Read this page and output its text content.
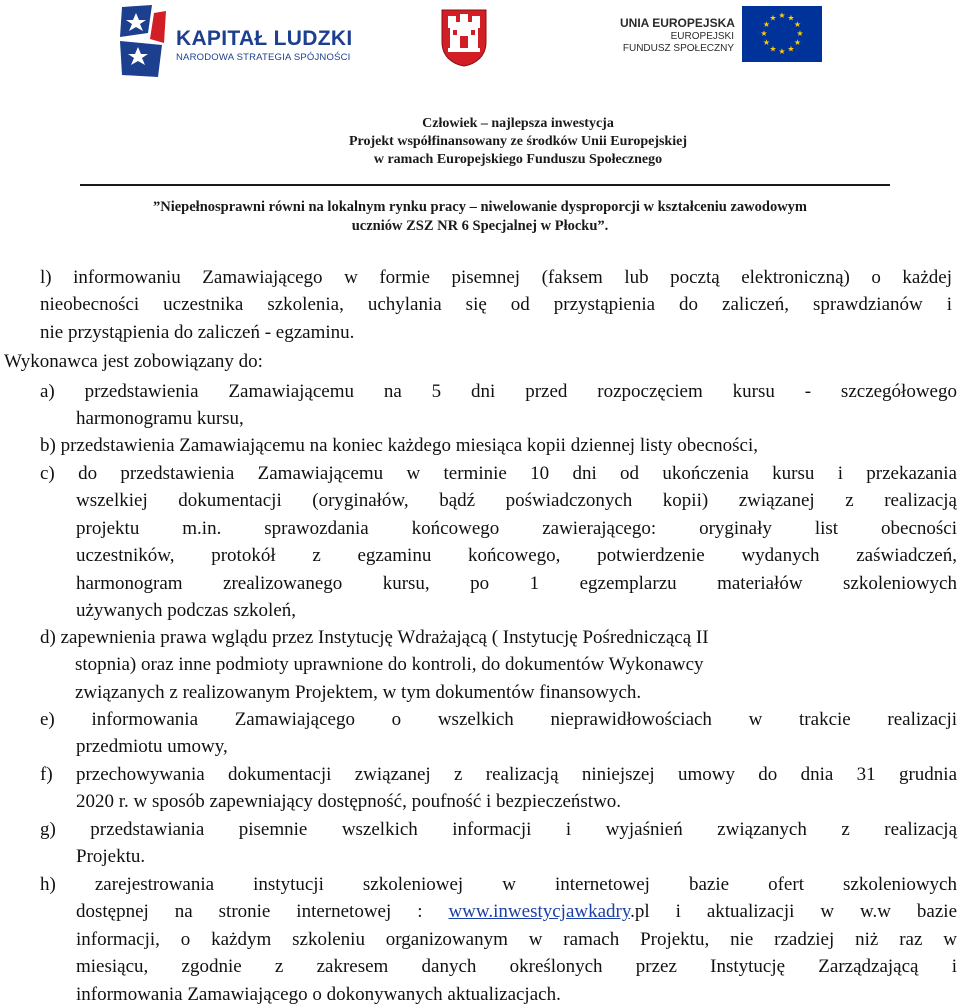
KAPITAŁ LUDZKI
NARODOWA STRATEGIA SPÓJNOŚCI
UNIA EUROPEJSKA
EUROPEJSKI
FUNDUSZ SPOŁECZNY
★ ★
★
★
★
★
★
★
★
★
★
★
Człowiek – najlepsza inwestycja
Projekt współfinansowany ze środków Unii Europejskiej
w ramach Europejskiego Funduszu Społecznego
”Niepełnosprawni równi na lokalnym rynku pracy – niwelowanie dysproporcji w kształceniu zawodowym
uczniów ZSZ NR 6 Specjalnej w Płocku”.
l) informowaniu Zamawiającego w formie pisemnej (faksem lub pocztą elektroniczną) o każdej
nieobecności uczestnika szkolenia, uchylania się od przystąpienia do zaliczeń, sprawdzianów i
nie przystąpienia do zaliczeń - egzaminu.
Wykonawca jest zobowiązany do:
a) przedstawienia Zamawiającemu na 5 dni przed rozpoczęciem kursu - szczegółowego
harmonogramu kursu,
b) przedstawienia Zamawiającemu na koniec każdego miesiąca kopii dziennej listy obecności,
c) do przedstawienia Zamawiającemu w terminie 10 dni od ukończenia kursu i przekazania
wszelkiej dokumentacji (oryginałów, bądź poświadczonych kopii) związanej z realizacją
projektu m.in. sprawozdania końcowego zawierającego: oryginały list obecności
uczestników, protokół z egzaminu końcowego, potwierdzenie wydanych zaświadczeń,
harmonogram zrealizowanego kursu, po 1 egzemplarzu materiałów szkoleniowych
używanych podczas szkoleń,
d) zapewnienia prawa wglądu przez Instytucję Wdrażającą ( Instytucję Pośredniczącą II
stopnia) oraz inne podmioty uprawnione do kontroli, do dokumentów Wykonawcy
związanych z realizowanym Projektem, w tym dokumentów finansowych.
e) informowania Zamawiającego o wszelkich nieprawidłowościach w trakcie realizacji
przedmiotu umowy,
f) przechowywania dokumentacji związanej z realizacją niniejszej umowy do dnia 31 grudnia
2020 r. w sposób zapewniający dostępność, poufność i bezpieczeństwo.
g) przedstawiania pisemnie wszelkich informacji i wyjaśnień związanych z realizacją
Projektu.
h) zarejestrowania instytucji szkoleniowej w internetowej bazie ofert szkoleniowych
dostępnej na stronie internetowej : www.inwestycjawkadry.pl i aktualizacji w w.w bazie
informacji, o każdym szkoleniu organizowanym w ramach Projektu, nie rzadziej niż raz w
miesiącu, zgodnie z zakresem danych określonych przez Instytucję Zarządzającą i
informowania Zamawiającego o dokonywanych aktualizacjach.
